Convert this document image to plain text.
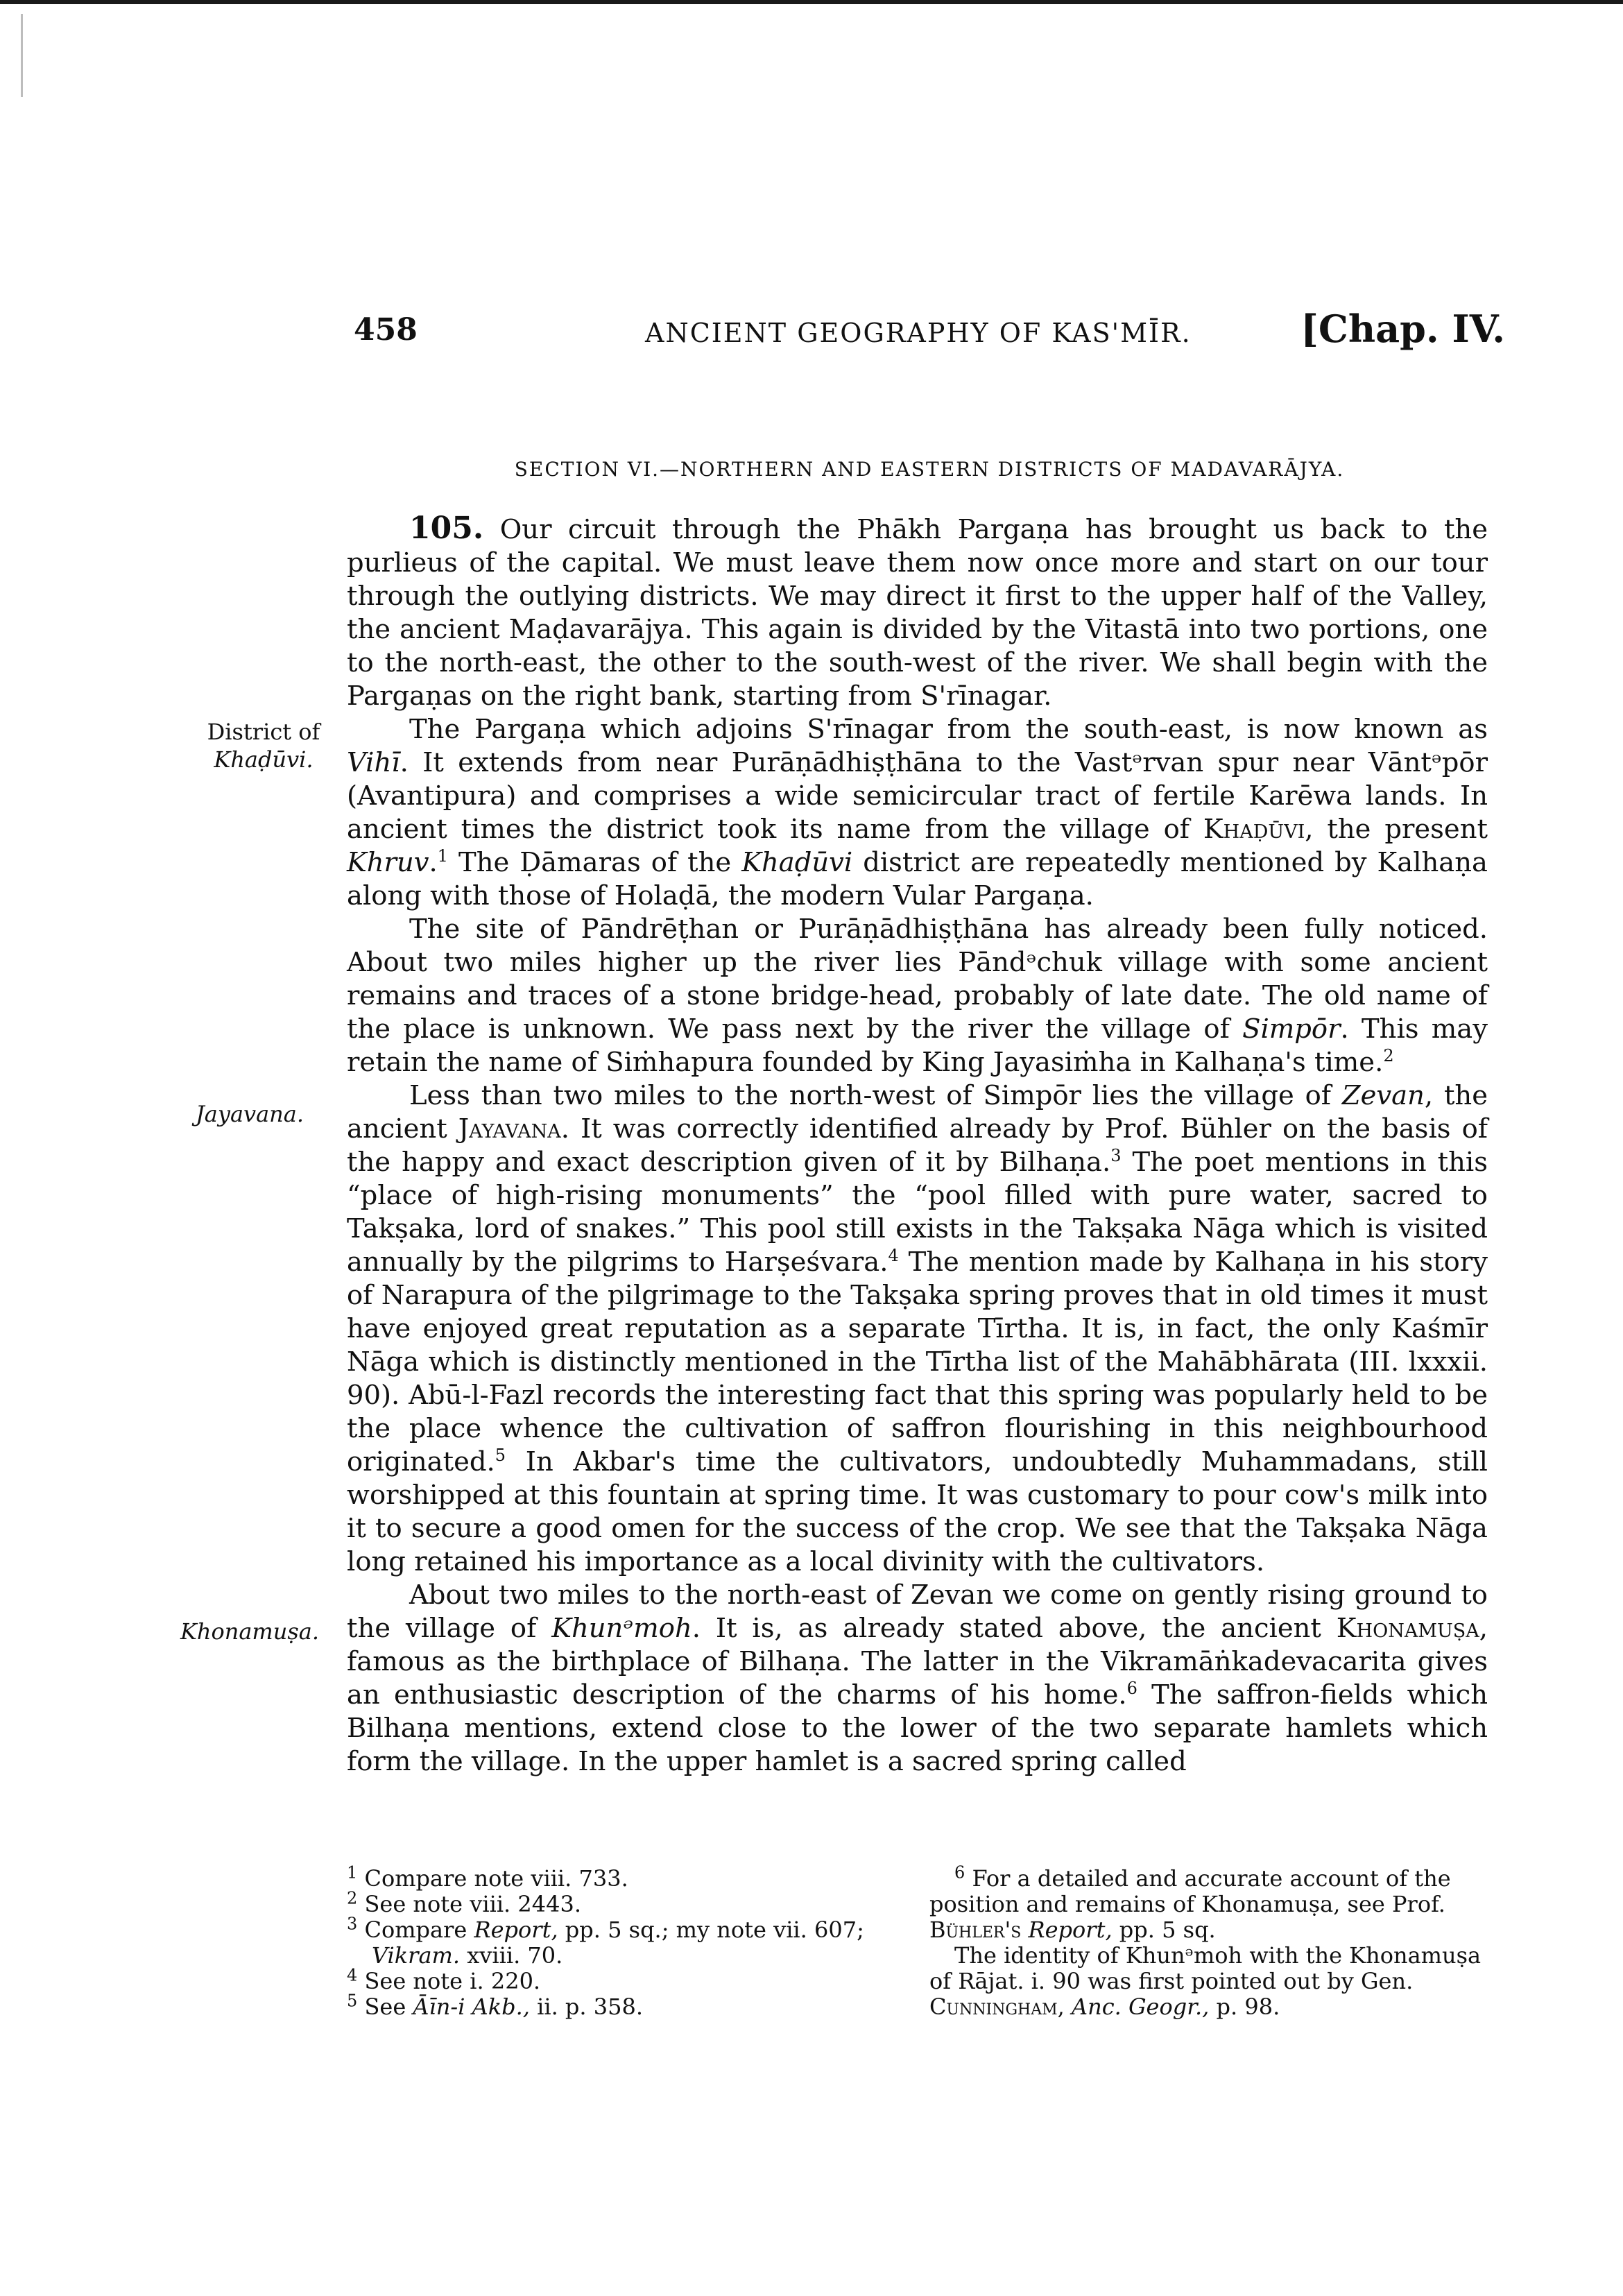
458	ANCIENT GEOGRAPHY OF KAS'MĪR.	[Chap. IV.
SECTION VI.—NORTHERN AND EASTERN DISTRICTS OF MADAVARĀJYA.
District of
Khaḍūvi.
Jayavana.
Khonamuṣa.

105. Our circuit through the Phākh Pargaṇa has brought us back to the purlieus of the capital. We must leave them now once more and start on our tour through the outlying districts. We may direct it first to the upper half of the Valley, the ancient Maḍavarājya. This again is divided by the Vitastā into two portions, one to the north-east, the other to the south-west of the river. We shall begin with the Pargaṇas on the right bank, starting from S'rīnagar.

The Pargaṇa which adjoins S'rīnagar from the south-east, is now known as Vihī. It extends from near Purāṇādhiṣṭhāna to the Vastᵊrvan spur near Vāntᵊpōr (Avantipura) and comprises a wide semicircular tract of fertile Karēwa lands. In ancient times the district took its name from the village of Khaḍūvi, the present Khruv.$^1$ The Ḍāmaras of the Khaḍūvi district are repeatedly mentioned by Kalhaṇa along with those of Holaḍā, the modern Vular Pargaṇa.

The site of Pāndrēṭhan or Purāṇādhiṣṭhāna has already been fully noticed. About two miles higher up the river lies Pāndᵊchuk village with some ancient remains and traces of a stone bridge-head, probably of late date. The old name of the place is unknown. We pass next by the river the village of Simpōr. This may retain the name of Siṁhapura founded by King Jayasiṁha in Kalhaṇa's time.$^2$

Less than two miles to the north-west of Simpōr lies the village of Zevan, the ancient Jayavana. It was correctly identified already by Prof. Bühler on the basis of the happy and exact description given of it by Bilhaṇa.$^3$ The poet mentions in this “place of high-rising monuments” the “pool filled with pure water, sacred to Takṣaka, lord of snakes.” This pool still exists in the Takṣaka Nāga which is visited annually by the pilgrims to Harṣeśvara.$^4$ The mention made by Kalhaṇa in his story of Narapura of the pilgrimage to the Takṣaka spring proves that in old times it must have enjoyed great reputation as a separate Tīrtha. It is, in fact, the only Kaśmīr Nāga which is distinctly mentioned in the Tīrtha list of the Mahābhārata (III. lxxxii. 90). Abū-l-Fazl records the interesting fact that this spring was popularly held to be the place whence the cultivation of saffron flourishing in this neighbourhood originated.$^5$ In Akbar's time the cultivators, undoubtedly Muhammadans, still worshipped at this fountain at spring time. It was customary to pour cow's milk into it to secure a good omen for the success of the crop. We see that the Takṣaka Nāga long retained his importance as a local divinity with the cultivators.

About two miles to the north-east of Zevan we come on gently rising ground to the village of Khunᵊmoh. It is, as already stated above, the ancient Khonamuṣa, famous as the birthplace of Bilhaṇa. The latter in the Vikramāṅkadevacarita gives an enthusiastic description of the charms of his home.$^6$ The saffron-fields which Bilhaṇa mentions, extend close to the lower of the two separate hamlets which form the village. In the upper hamlet is a sacred spring called

$^1$ Compare note viii. 733.

$^2$ See note viii. 2443.

$^3$ Compare Report, pp. 5 sq.; my note vii. 607; Vikram. xviii. 70.

$^4$ See note i. 220.

$^5$ See Āīn-i Akb., ii. p. 358.

$^6$ For a detailed and accurate account of the position and remains of Khonamuṣa, see Prof. Bühler's Report, pp. 5 sq.

The identity of Khunᵊmoh with the Khonamuṣa of Rājat. i. 90 was first pointed out by Gen. Cunningham, Anc. Geogr., p. 98.
